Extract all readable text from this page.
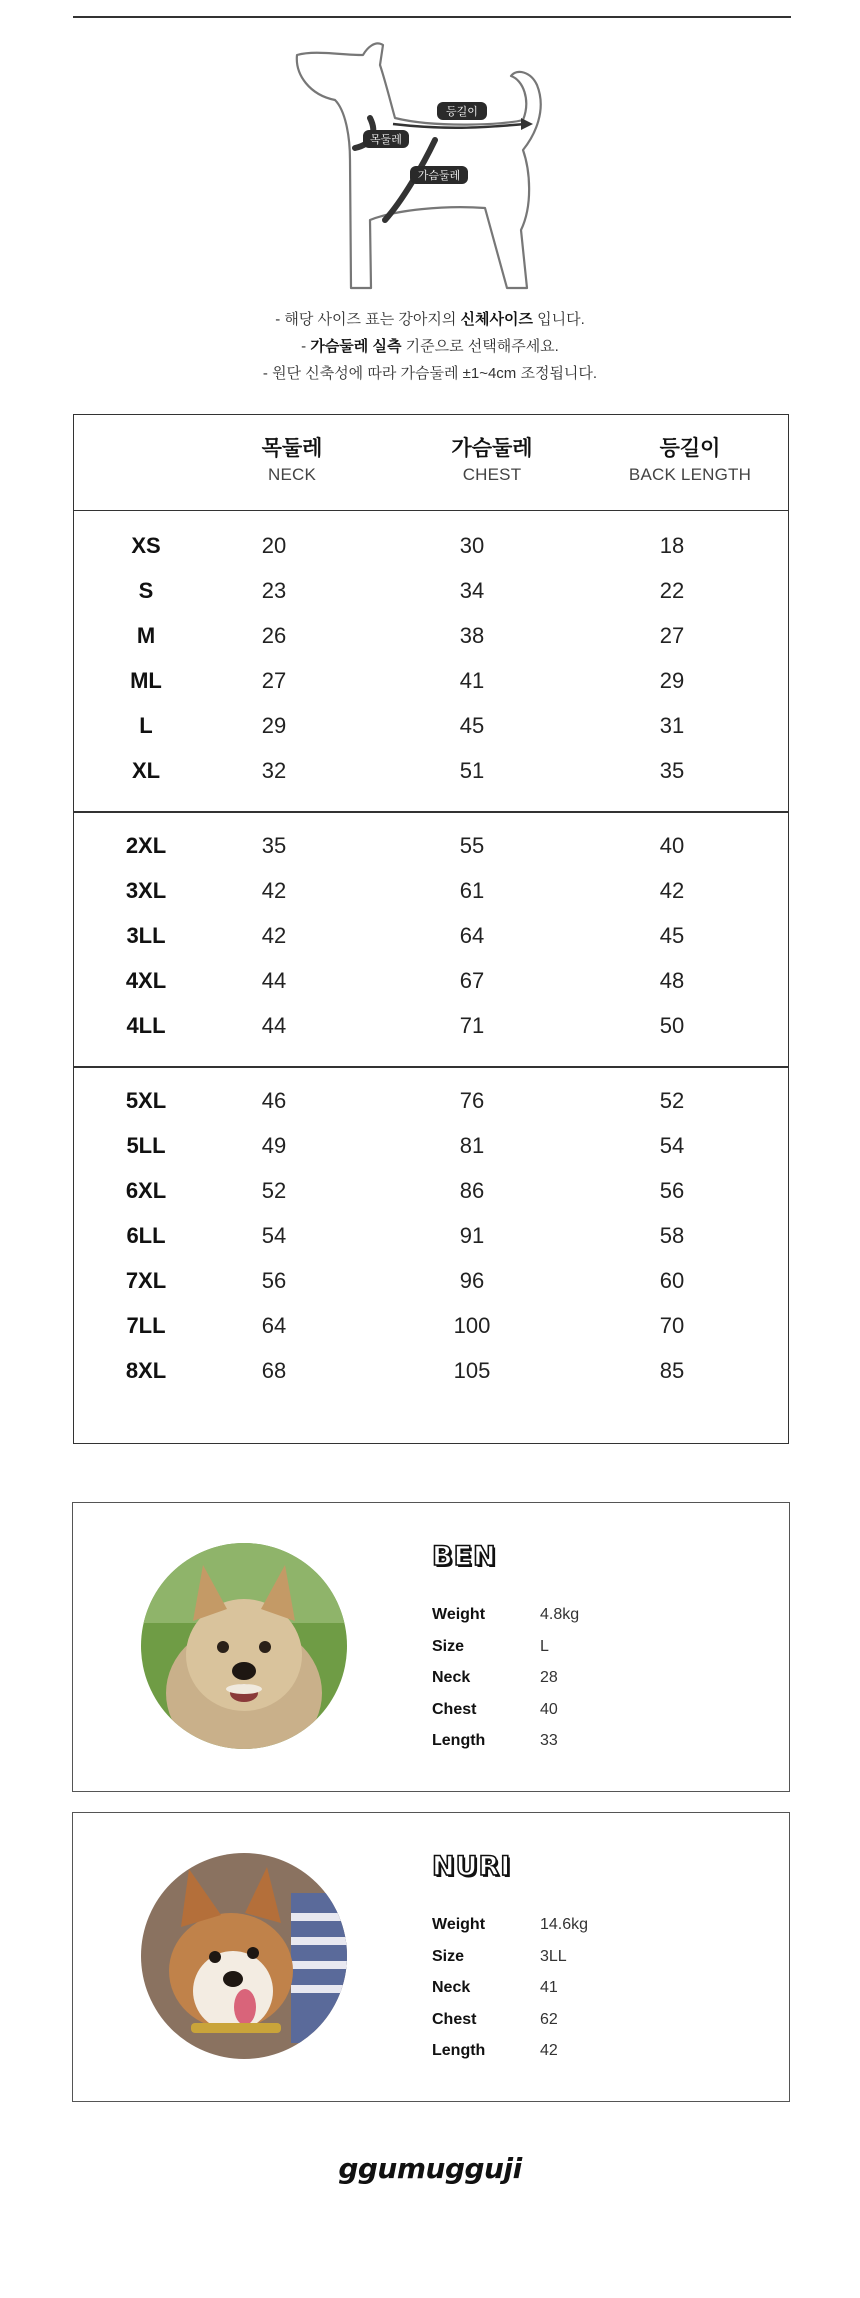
목둘레
등길이
가슴둘레
- 해당 사이즈 표는 강아지의 신체사이즈 입니다.
- 가슴둘레 실측 기준으로 선택해주세요.
- 원단 신축성에 따라 가슴둘레 ±1~4cm 조정됩니다.
목둘레
NECK
가슴둘레
CHEST
등길이
BACK LENGTH
XS	20	30	18
S	23	34	22
M	26	38	27
ML	27	41	29
L	29	45	31
XL	32	51	35
2XL	35	55	40
3XL	42	61	42
3LL	42	64	45
4XL	44	67	48
4LL	44	71	50
5XL	46	76	52
5LL	49	81	54
6XL	52	86	56
6LL	54	91	58
7XL	56	96	60
7LL	64	100	70
8XL	68	105	85
BEN
Weight	4.8kg
Size	L
Neck	28
Chest	40
Length	33
NURI
Weight	14.6kg
Size	3LL
Neck	41
Chest	62
Length	42
ggumugguji
